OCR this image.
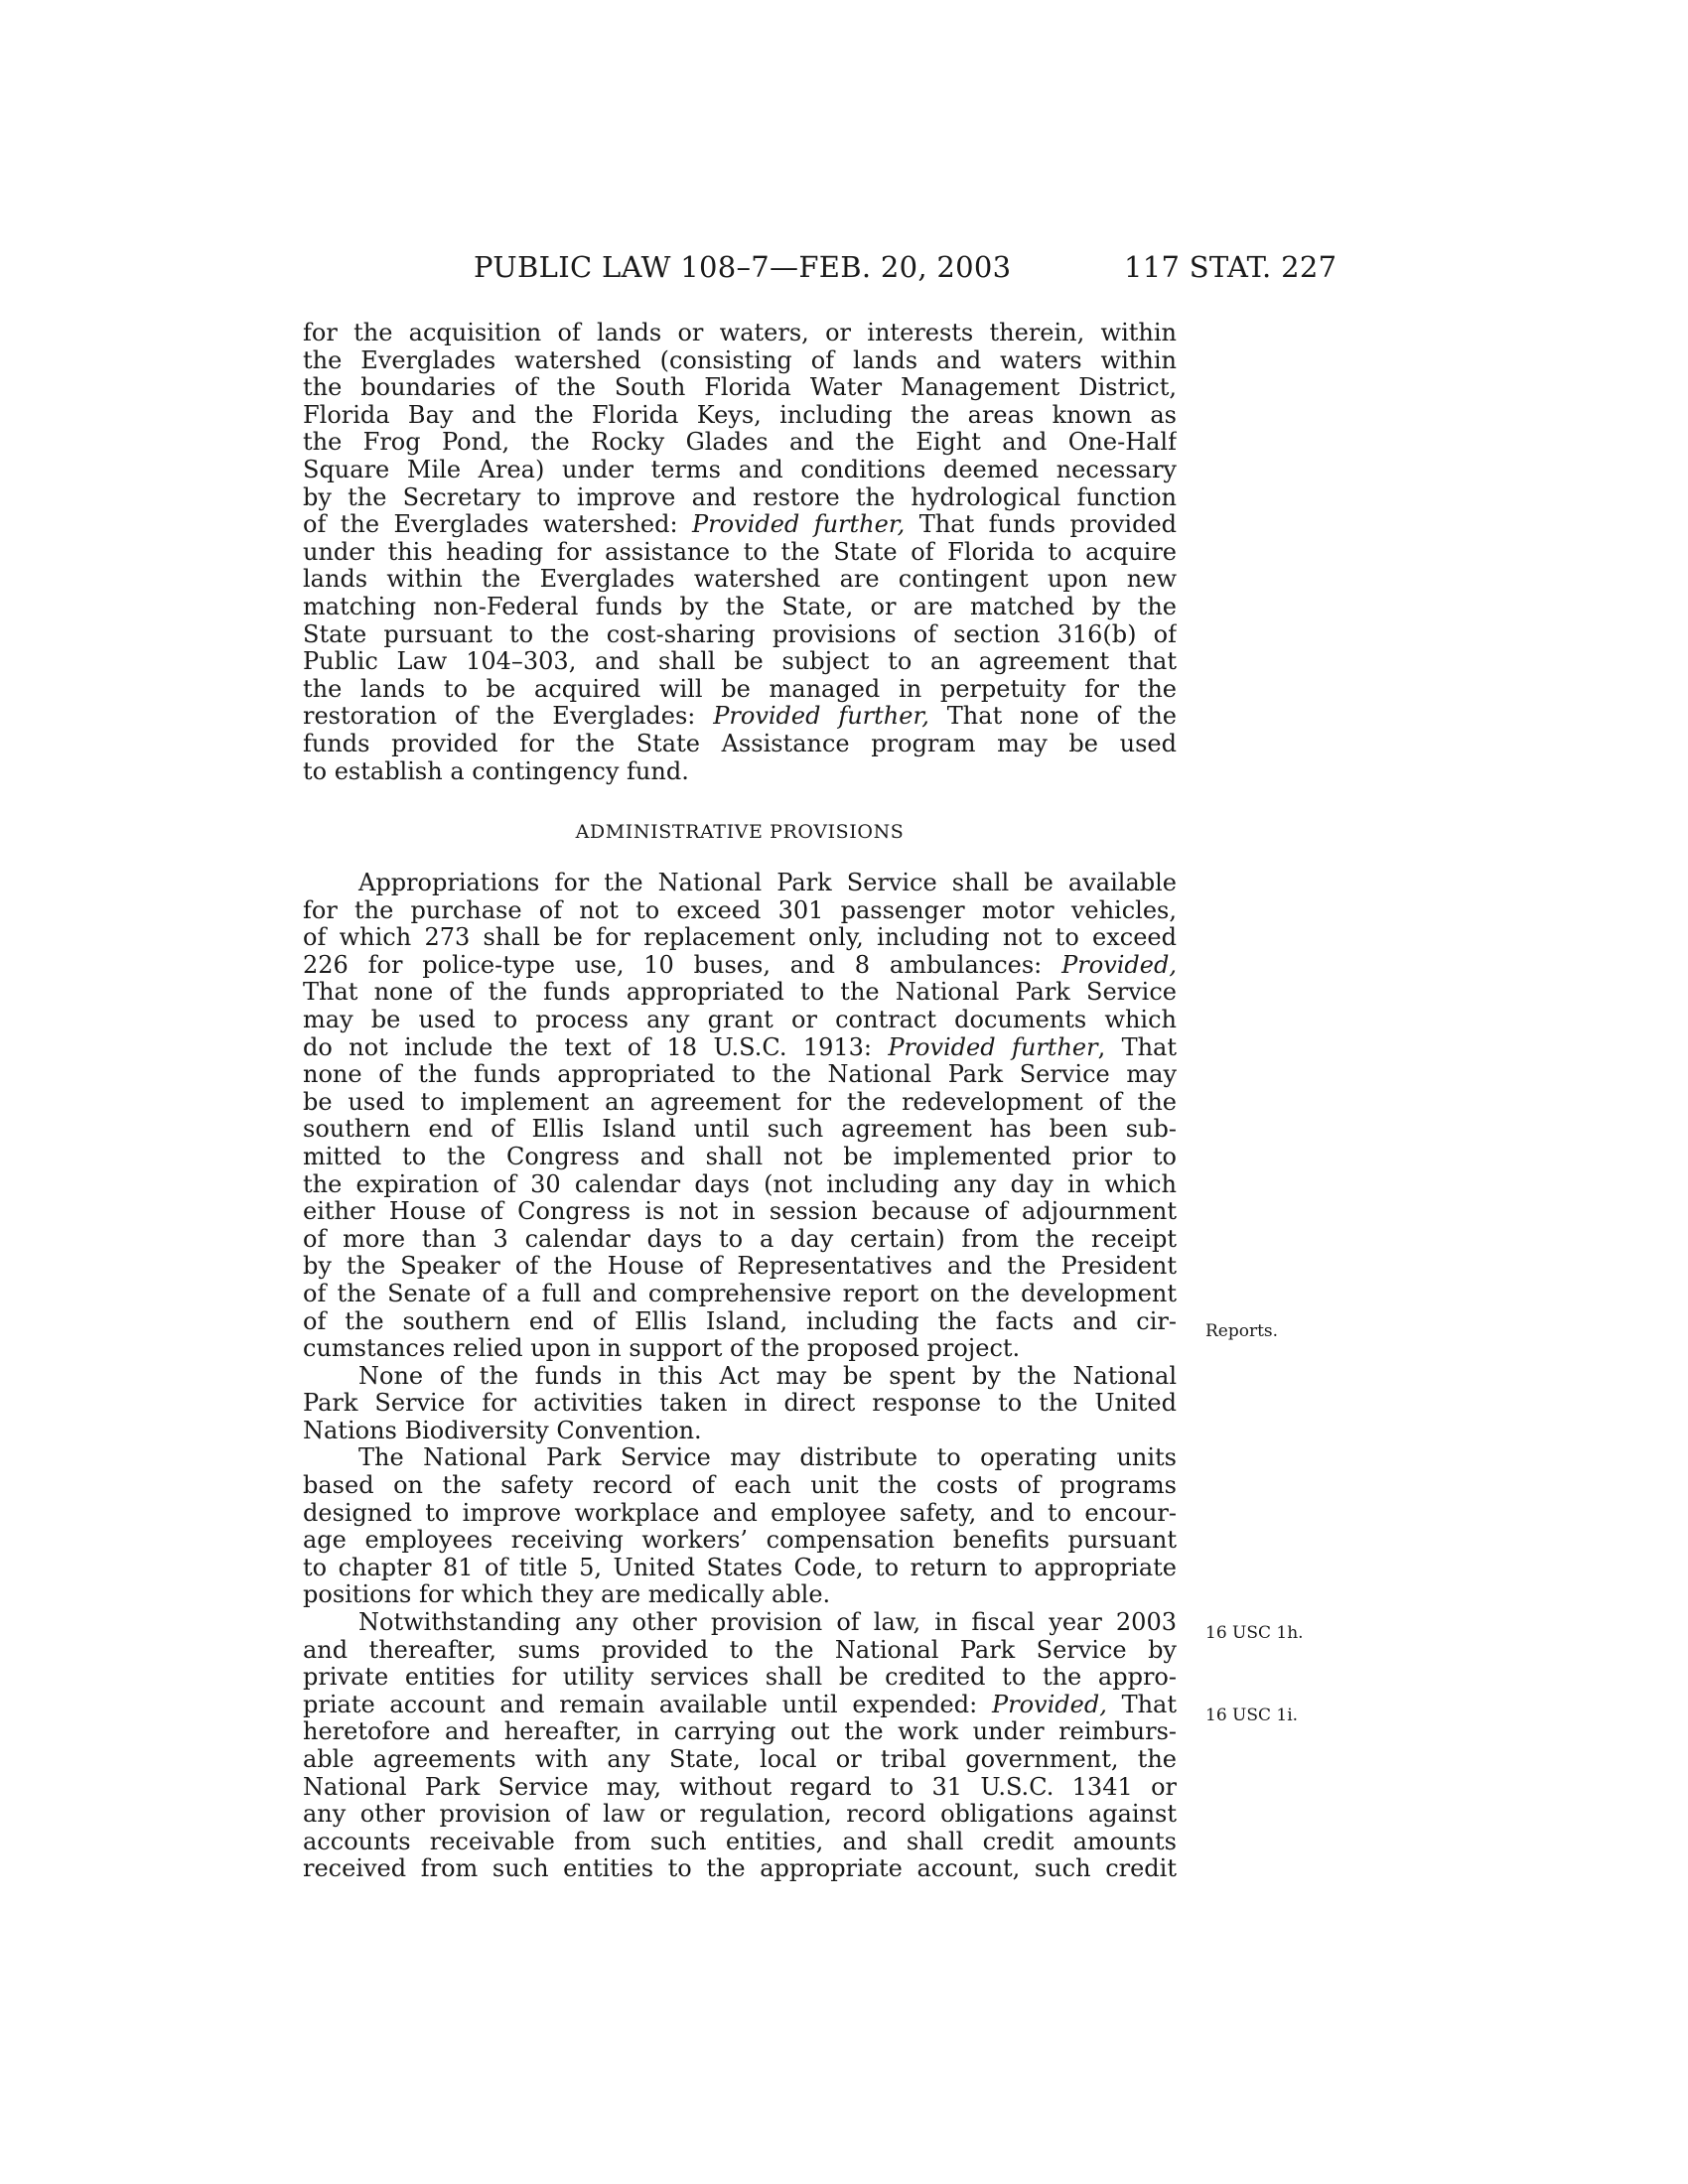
PUBLIC LAW 108–7—FEB. 20, 2003	117 STAT. 227
for the acquisition of lands or waters, or interests therein, within
the Everglades watershed (consisting of lands and waters within
the boundaries of the South Florida Water Management District,
Florida Bay and the Florida Keys, including the areas known as
the Frog Pond, the Rocky Glades and the Eight and One-Half
Square Mile Area) under terms and conditions deemed necessary
by the Secretary to improve and restore the hydrological function
of the Everglades watershed: Provided further, That funds provided
under this heading for assistance to the State of Florida to acquire
lands within the Everglades watershed are contingent upon new
matching non-Federal funds by the State, or are matched by the
State pursuant to the cost-sharing provisions of section 316(b) of
Public Law 104–303, and shall be subject to an agreement that
the lands to be acquired will be managed in perpetuity for the
restoration of the Everglades: Provided further, That none of the
funds provided for the State Assistance program may be used
to establish a contingency fund.
ADMINISTRATIVE PROVISIONS
Appropriations for the National Park Service shall be available
for the purchase of not to exceed 301 passenger motor vehicles,
of which 273 shall be for replacement only, including not to exceed
226 for police-type use, 10 buses, and 8 ambulances: Provided,
That none of the funds appropriated to the National Park Service
may be used to process any grant or contract documents which
do not include the text of 18 U.S.C. 1913: Provided further, That
none of the funds appropriated to the National Park Service may
be used to implement an agreement for the redevelopment of the
southern end of Ellis Island until such agreement has been sub-
mitted to the Congress and shall not be implemented prior to
the expiration of 30 calendar days (not including any day in which
either House of Congress is not in session because of adjournment
of more than 3 calendar days to a day certain) from the receipt
by the Speaker of the House of Representatives and the President
of the Senate of a full and comprehensive report on the development
of the southern end of Ellis Island, including the facts and cir-
cumstances relied upon in support of the proposed project.
None of the funds in this Act may be spent by the National
Park Service for activities taken in direct response to the United
Nations Biodiversity Convention.
The National Park Service may distribute to operating units
based on the safety record of each unit the costs of programs
designed to improve workplace and employee safety, and to encour-
age employees receiving workers’ compensation benefits pursuant
to chapter 81 of title 5, United States Code, to return to appropriate
positions for which they are medically able.
Notwithstanding any other provision of law, in fiscal year 2003
and thereafter, sums provided to the National Park Service by
private entities for utility services shall be credited to the appro-
priate account and remain available until expended: Provided, That
heretofore and hereafter, in carrying out the work under reimburs-
able agreements with any State, local or tribal government, the
National Park Service may, without regard to 31 U.S.C. 1341 or
any other provision of law or regulation, record obligations against
accounts receivable from such entities, and shall credit amounts
received from such entities to the appropriate account, such credit
Reports.
16 USC 1h.
16 USC 1i.
